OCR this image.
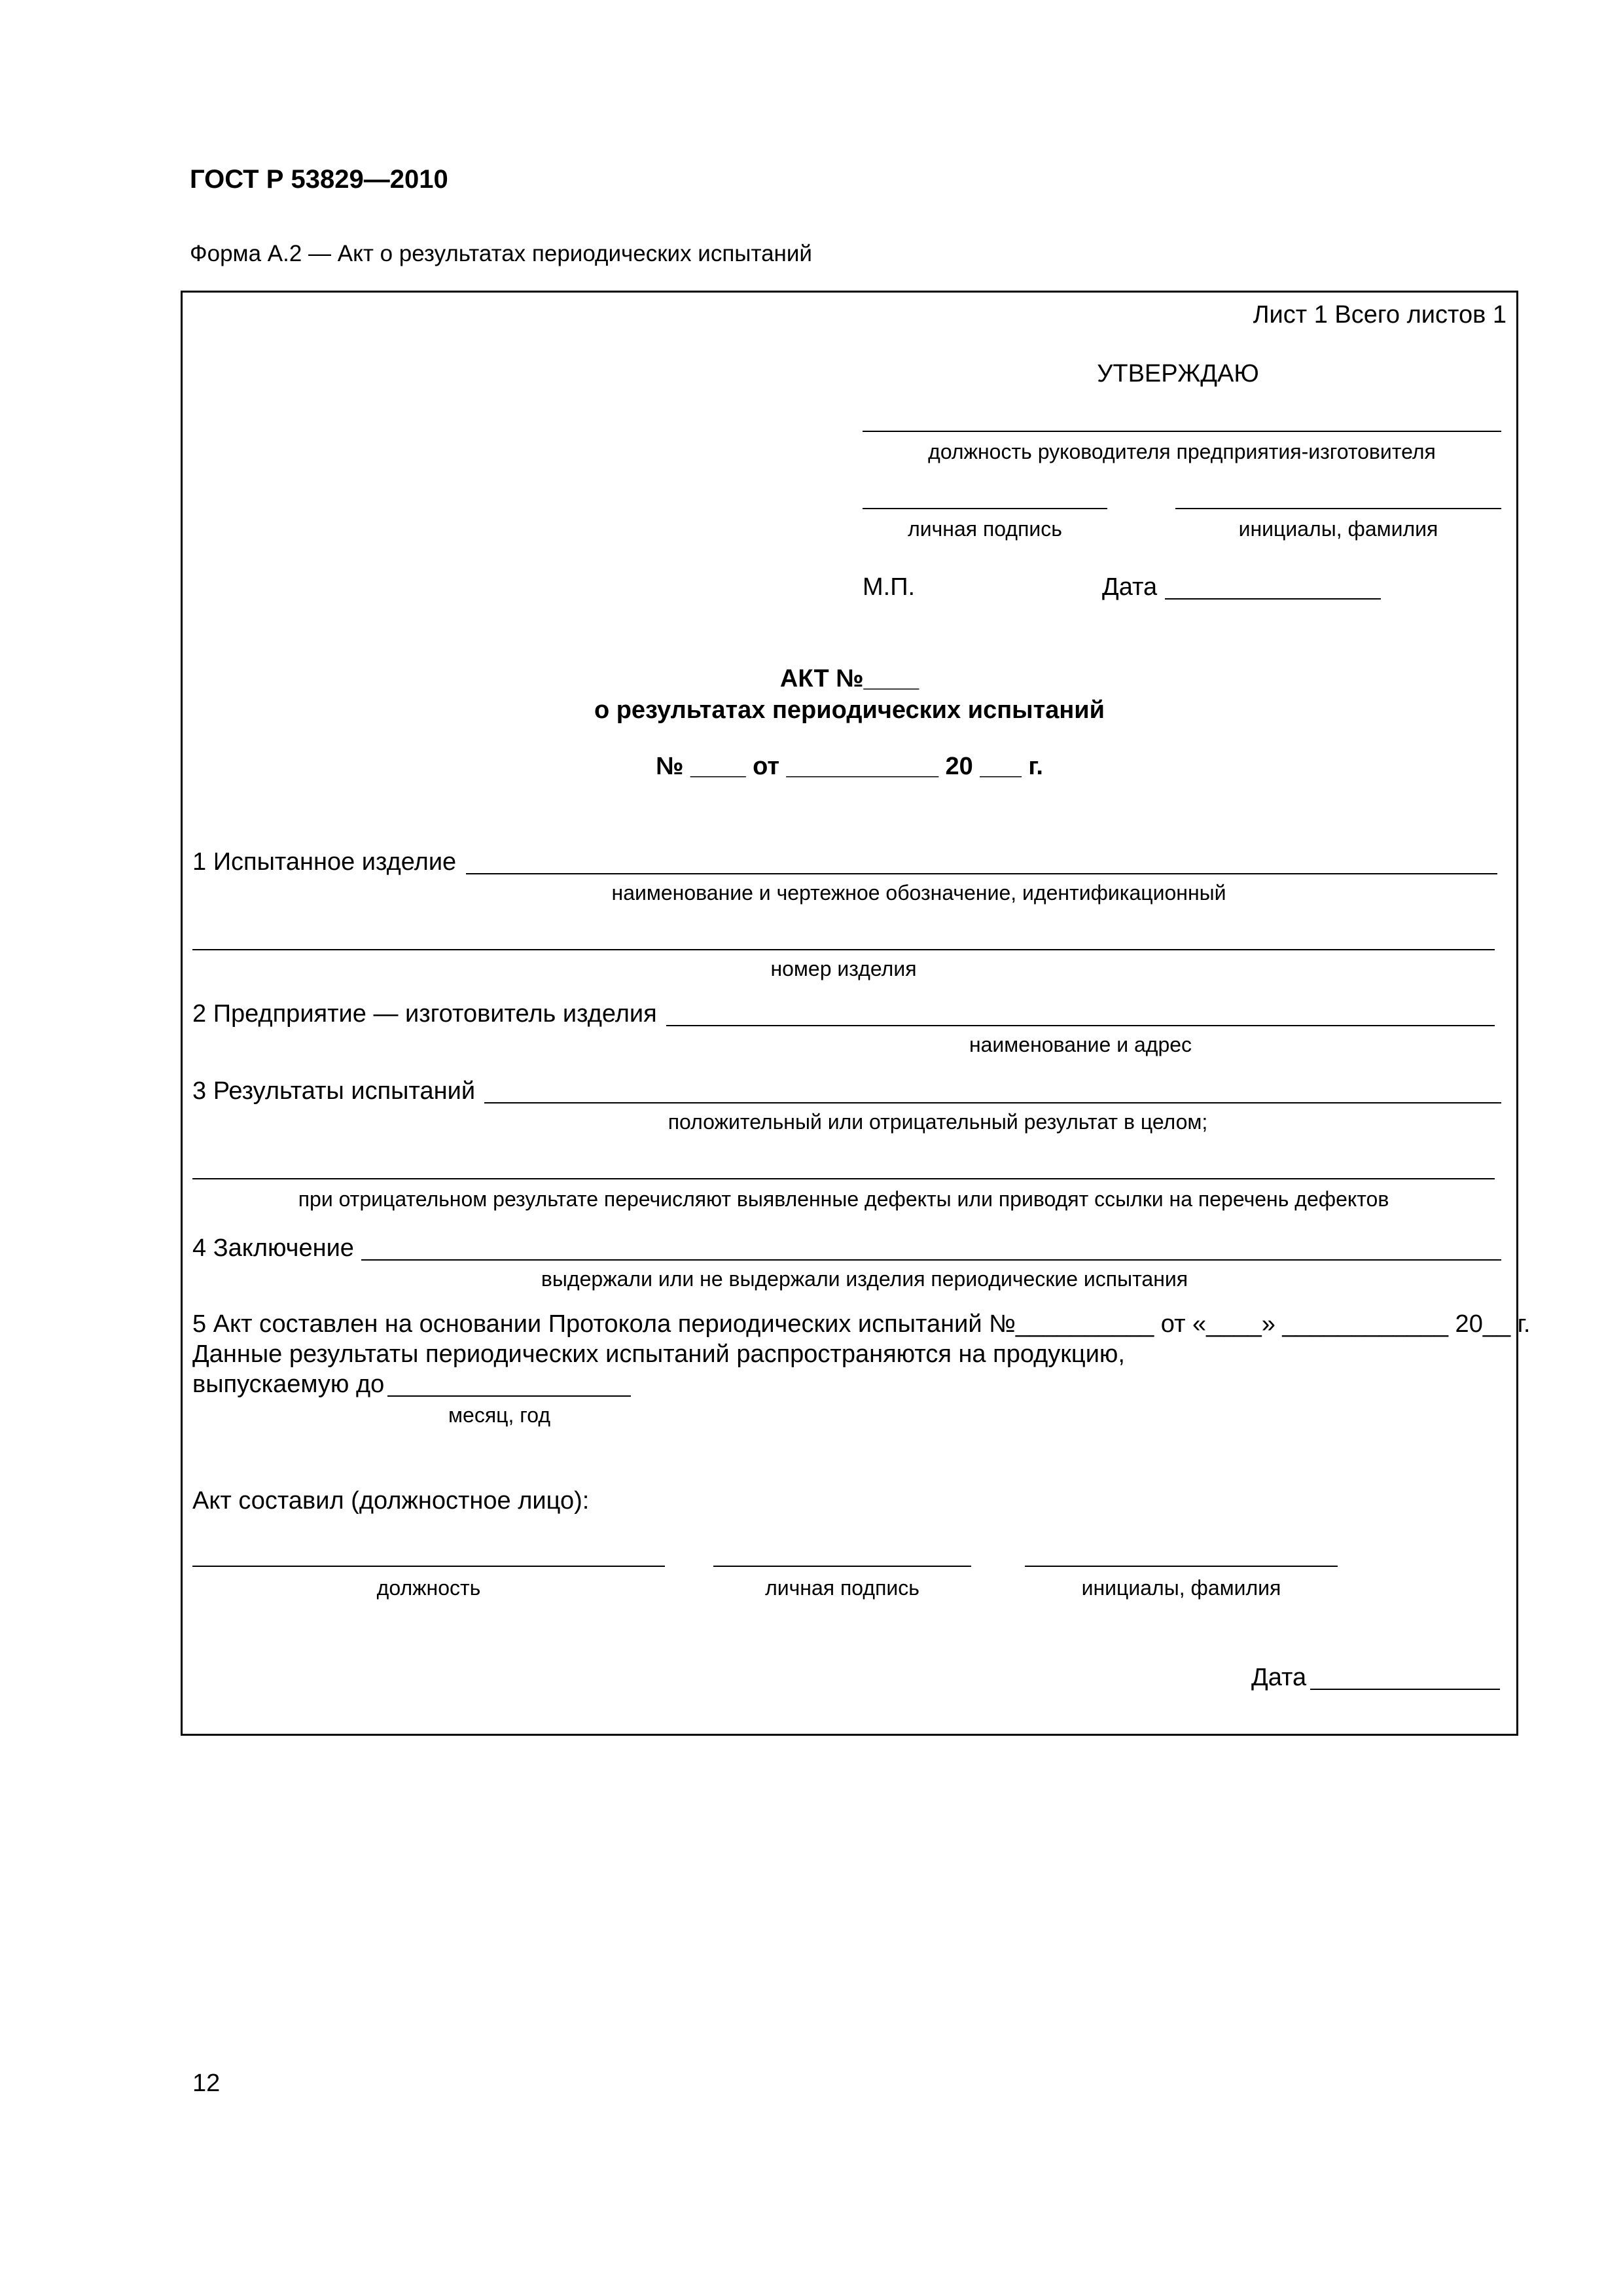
ГОСТ Р 53829—2010
Форма А.2 — Акт о результатах периодических испытаний
Лист 1 Всего листов 1
УТВЕРЖДАЮ
должность руководителя предприятия-изготовителя
личная подпись	инициалы, фамилия
М.П.	Дата
АКТ №____
о результатах периодических испытаний
№ ____ от ___________ 20 ___ г.
1 Испытанное изделие
наименование и чертежное обозначение, идентификационный
номер изделия
2 Предприятие — изготовитель изделия
наименование и адрес
3 Результаты испытаний
положительный или отрицательный результат в целом;
при отрицательном результате перечисляют выявленные дефекты или приводят ссылки на перечень дефектов
4 Заключение
выдержали или не выдержали изделия периодические испытания
5 Акт составлен на основании Протокола периодических испытаний №__________ от «____» ____________ 20__ г.
Данные результаты периодических испытаний распространяются на продукцию,
выпускаемую до
месяц, год
Акт составил (должностное лицо):
должность	личная подпись	инициалы, фамилия
Дата
12
